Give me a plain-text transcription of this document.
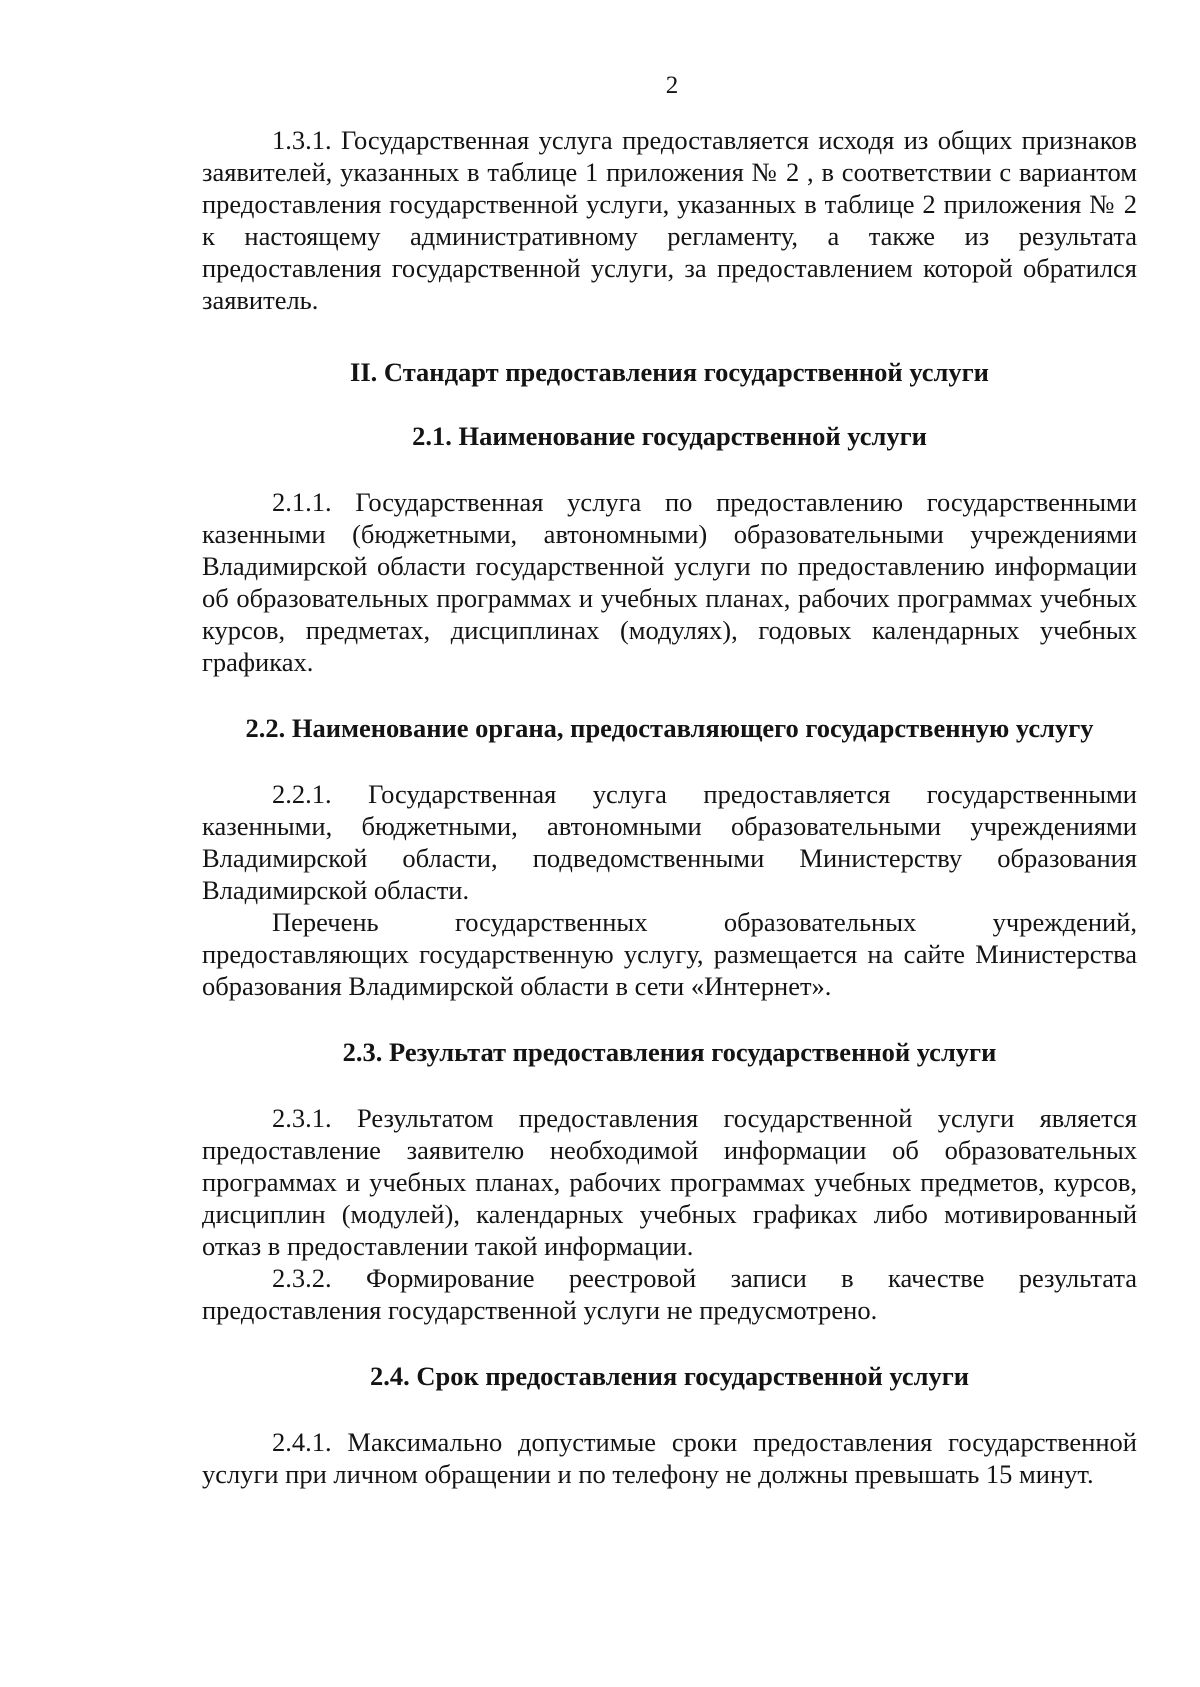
2

1.3.1. Государственная услуга предоставляется исходя из общих признаков заявителей, указанных в таблице 1 приложения № 2 , в соответствии с вариантом предоставления государственной услуги, указанных в таблице 2 приложения № 2 к настоящему административному регламенту, а также из результата предоставления государственной услуги, за предоставлением которой обратился заявитель.

II. Стандарт предоставления государственной услуги

2.1. Наименование государственной услуги

2.1.1. Государственная услуга по предоставлению государственными казенными (бюджетными, автономными) образовательными учреждениями Владимирской области государственной услуги по предоставлению информации об образовательных программах и учебных планах, рабочих программах учебных курсов, предметах, дисциплинах (модулях), годовых календарных учебных графиках.

2.2. Наименование органа, предоставляющего государственную услугу

2.2.1. Государственная услуга предоставляется государственными казенными, бюджетными, автономными образовательными учреждениями Владимирской области, подведомственными Министерству образования Владимирской области.

Перечень государственных образовательных учреждений, предоставляющих государственную услугу, размещается на сайте Министерства образования Владимирской области в сети «Интернет».

2.3. Результат предоставления государственной услуги

2.3.1. Результатом предоставления государственной услуги является предоставление заявителю необходимой информации об образовательных программах и учебных планах, рабочих программах учебных предметов, курсов, дисциплин (модулей), календарных учебных графиках либо мотивированный отказ в предоставлении такой информации.

2.3.2. Формирование реестровой записи в качестве результата предоставления государственной услуги не предусмотрено.

2.4. Срок предоставления государственной услуги

2.4.1. Максимально допустимые сроки предоставления государственной услуги при личном обращении и по телефону не должны превышать 15 минут.
